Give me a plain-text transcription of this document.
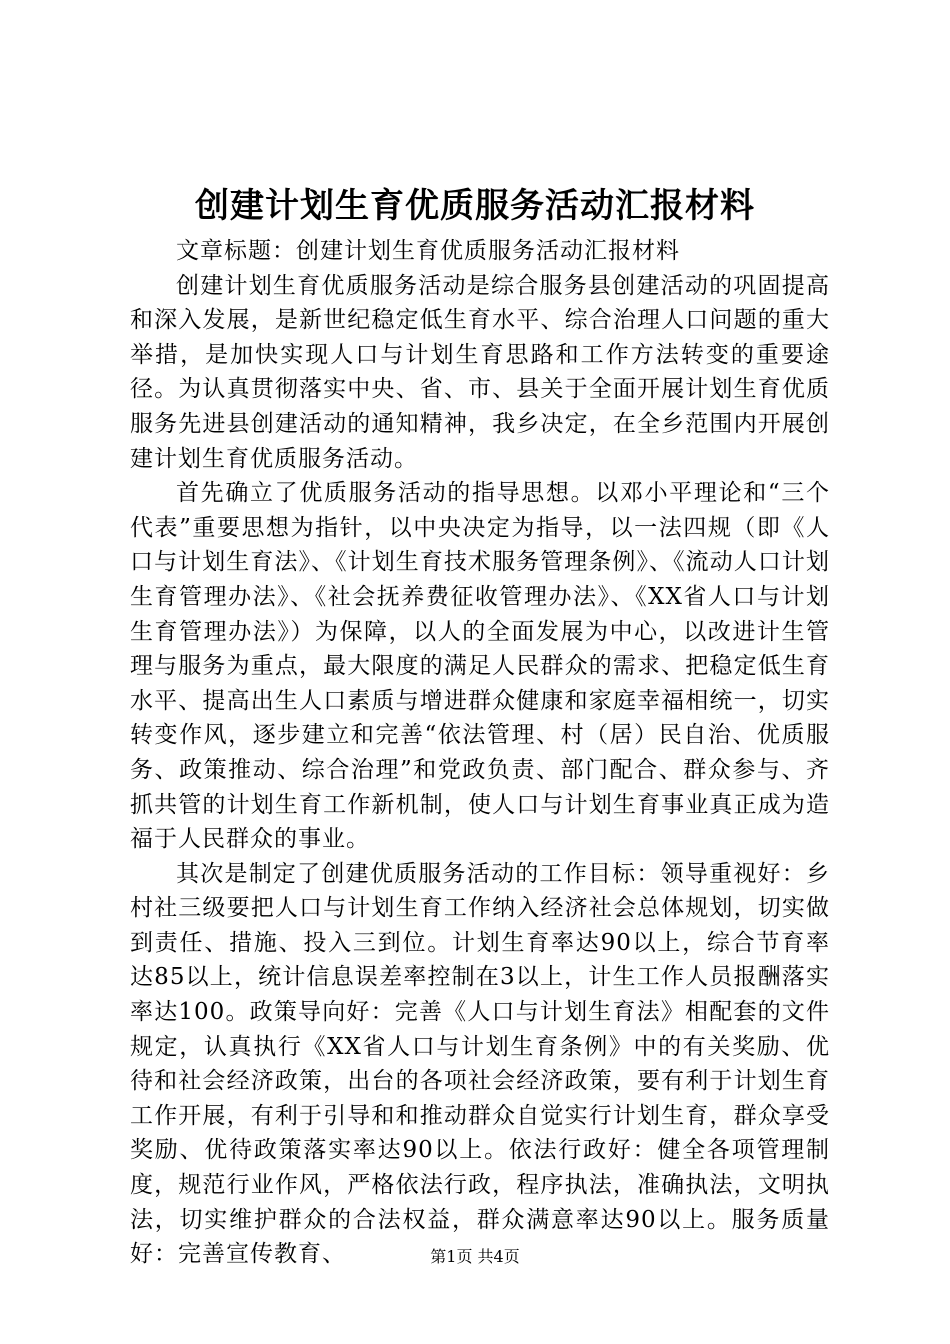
创建计划生育优质服务活动汇报材料

文章标题：创建计划生育优质服务活动汇报材料

创建计划生育优质服务活动是综合服务县创建活动的巩固提高和深入发展，是新世纪稳定低生育水平、综合治理人口问题的重大举措，是加快实现人口与计划生育思路和工作方法转变的重要途径。为认真贯彻落实中央、省、市、县关于全面开展计划生育优质服务先进县创建活动的通知精神，我乡决定，在全乡范围内开展创建计划生育优质服务活动。

首先确立了优质服务活动的指导思想。以邓小平理论和“三个代表”重要思想为指针，以中央决定为指导，以一法四规（即《人口与计划生育法》、《计划生育技术服务管理条例》、《流动人口计划生育管理办法》、《社会抚养费征收管理办法》、《XX省人口与计划生育管理办法》）为保障，以人的全面发展为中心，以改进计生管理与服务为重点，最大限度的满足人民群众的需求、把稳定低生育水平、提高出生人口素质与增进群众健康和家庭幸福相统一，切实转变作风，逐步建立和完善“依法管理、村（居）民自治、优质服务、政策推动、综合治理”和党政负责、部门配合、群众参与、齐抓共管的计划生育工作新机制，使人口与计划生育事业真正成为造福于人民群众的事业。

其次是制定了创建优质服务活动的工作目标：领导重视好：乡村社三级要把人口与计划生育工作纳入经济社会总体规划，切实做到责任、措施、投入三到位。计划生育率达90以上，综合节育率达85以上，统计信息误差率控制在3以上，计生工作人员报酬落实率达100。政策导向好：完善《人口与计划生育法》相配套的文件规定，认真执行《XX省人口与计划生育条例》中的有关奖励、优待和社会经济政策，出台的各项社会经济政策，要有利于计划生育工作开展，有利于引导和和推动群众自觉实行计划生育，群众享受奖励、优待政策落实率达90以上。依法行政好：健全各项管理制度，规范行业作风，严格依法行政，程序执法，准确执法，文明执法，切实维护群众的合法权益，群众满意率达90以上。服务质量好：完善宣传教育、	第1页 共4页
